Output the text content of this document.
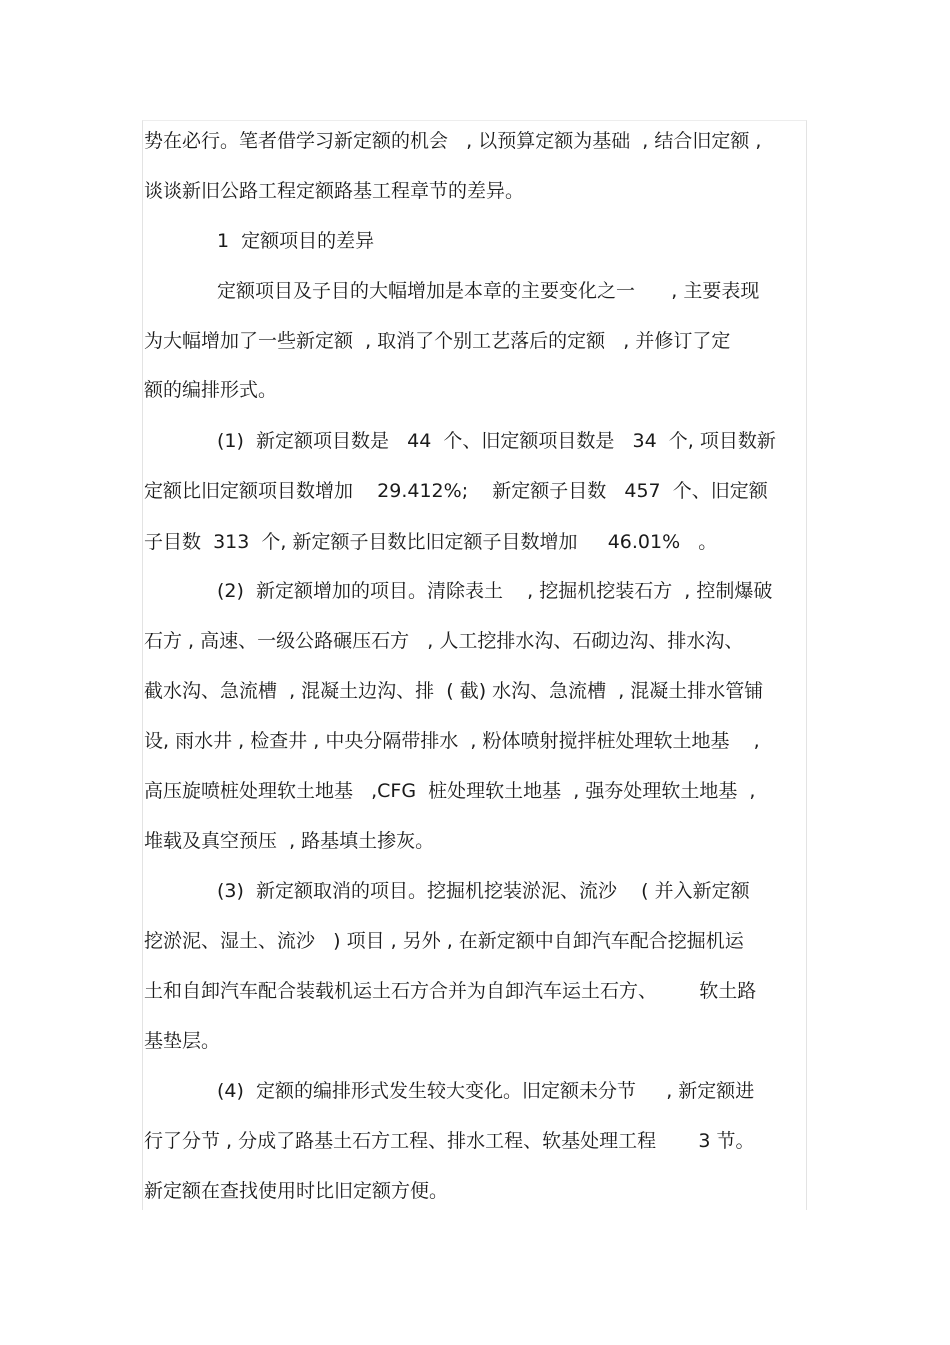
势在必行。笔者借学习新定额的机会   , 以预算定额为基础  , 结合旧定额 ,
谈谈新旧公路工程定额路基工程章节的差异。
1  定额项目的差异
定额项目及子目的大幅增加是本章的主要变化之一      , 主要表现
为大幅增加了一些新定额  , 取消了个别工艺落后的定额   , 并修订了定
额的编排形式。
(1)  新定额项目数是   44  个、旧定额项目数是   34  个, 项目数新
定额比旧定额项目数增加    29.412%;    新定额子目数   457  个、旧定额
子目数  313  个, 新定额子目数比旧定额子目数增加     46.01%   。
(2)  新定额增加的项目。清除表土    , 挖掘机挖装石方  , 控制爆破
石方 , 高速、一级公路碾压石方   , 人工挖排水沟、石砌边沟、排水沟、
截水沟、急流槽  , 混凝土边沟、排  ( 截) 水沟、急流槽  , 混凝土排水管铺
设, 雨水井 , 检查井 , 中央分隔带排水  , 粉体喷射搅拌桩处理软土地基    ,
高压旋喷桩处理软土地基   ,CFG  桩处理软土地基  , 强夯处理软土地基  ,
堆载及真空预压  , 路基填土掺灰。
(3)  新定额取消的项目。挖掘机挖装淤泥、流沙    ( 并入新定额
挖淤泥、湿土、流沙   ) 项目 , 另外 , 在新定额中自卸汽车配合挖掘机运
土和自卸汽车配合装载机运土石方合并为自卸汽车运土石方、       软土路
基垫层。
(4)  定额的编排形式发生较大变化。旧定额未分节     , 新定额进
行了分节 , 分成了路基土石方工程、排水工程、软基处理工程       3 节。
新定额在查找使用时比旧定额方便。
